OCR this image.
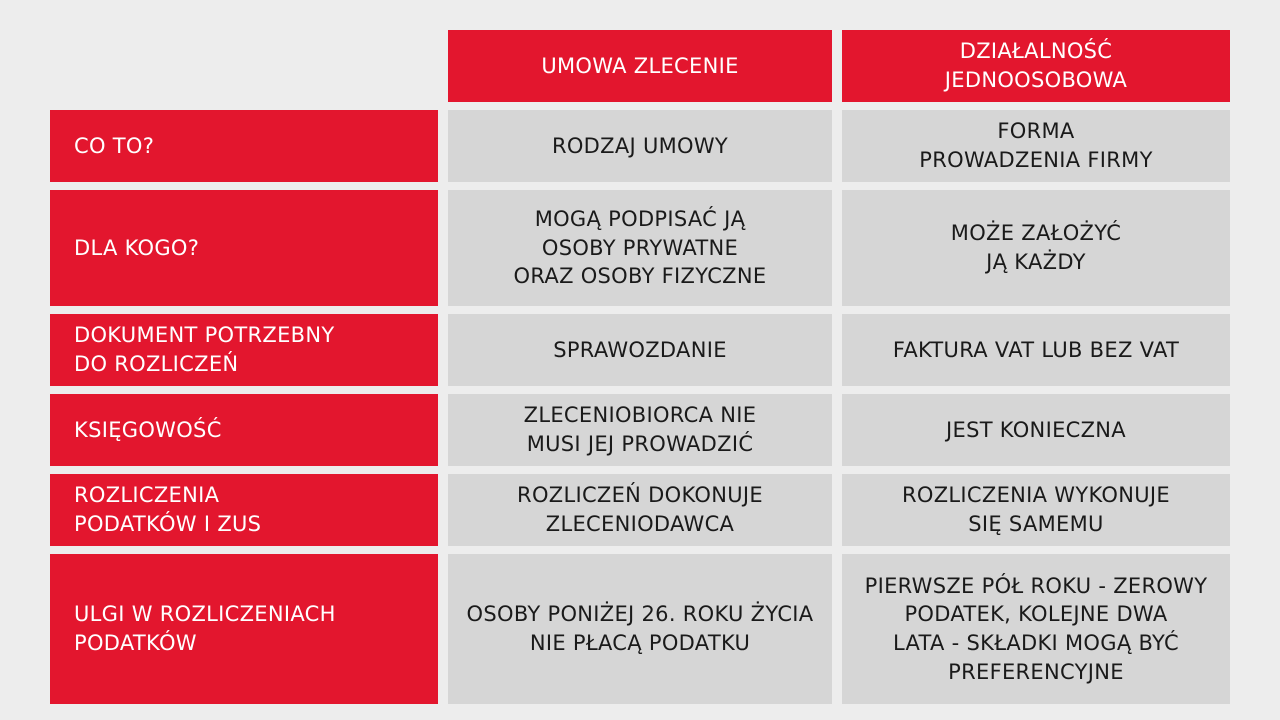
UMOWA ZLECENIE
DZIAŁALNOŚĆ
JEDNOOSOBOWA
CO TO?	RODZAJ UMOWY
FORMA
PROWADZENIA FIRMY
DLA KOGO?
MOGĄ PODPISAĆ JĄ
OSOBY PRYWATNE
ORAZ OSOBY FIZYCZNE
MOŻE ZAŁOŻYĆ
JĄ KAŻDY
DOKUMENT POTRZEBNY
DO ROZLICZEŃ
SPRAWOZDANIE	FAKTURA VAT LUB BEZ VAT
KSIĘGOWOŚĆ
ZLECENIOBIORCA NIE
MUSI JEJ PROWADZIĆ
JEST KONIECZNA
ROZLICZENIA
PODATKÓW I ZUS
ROZLICZEŃ DOKONUJE
ZLECENIODAWCA
ROZLICZENIA WYKONUJE
SIĘ SAMEMU
ULGI W ROZLICZENIACH
PODATKÓW
OSOBY PONIŻEJ 26. ROKU ŻYCIA
NIE PŁACĄ PODATKU
PIERWSZE PÓŁ ROKU - ZEROWY
PODATEK, KOLEJNE DWA
LATA - SKŁADKI MOGĄ BYĆ
PREFERENCYJNE
